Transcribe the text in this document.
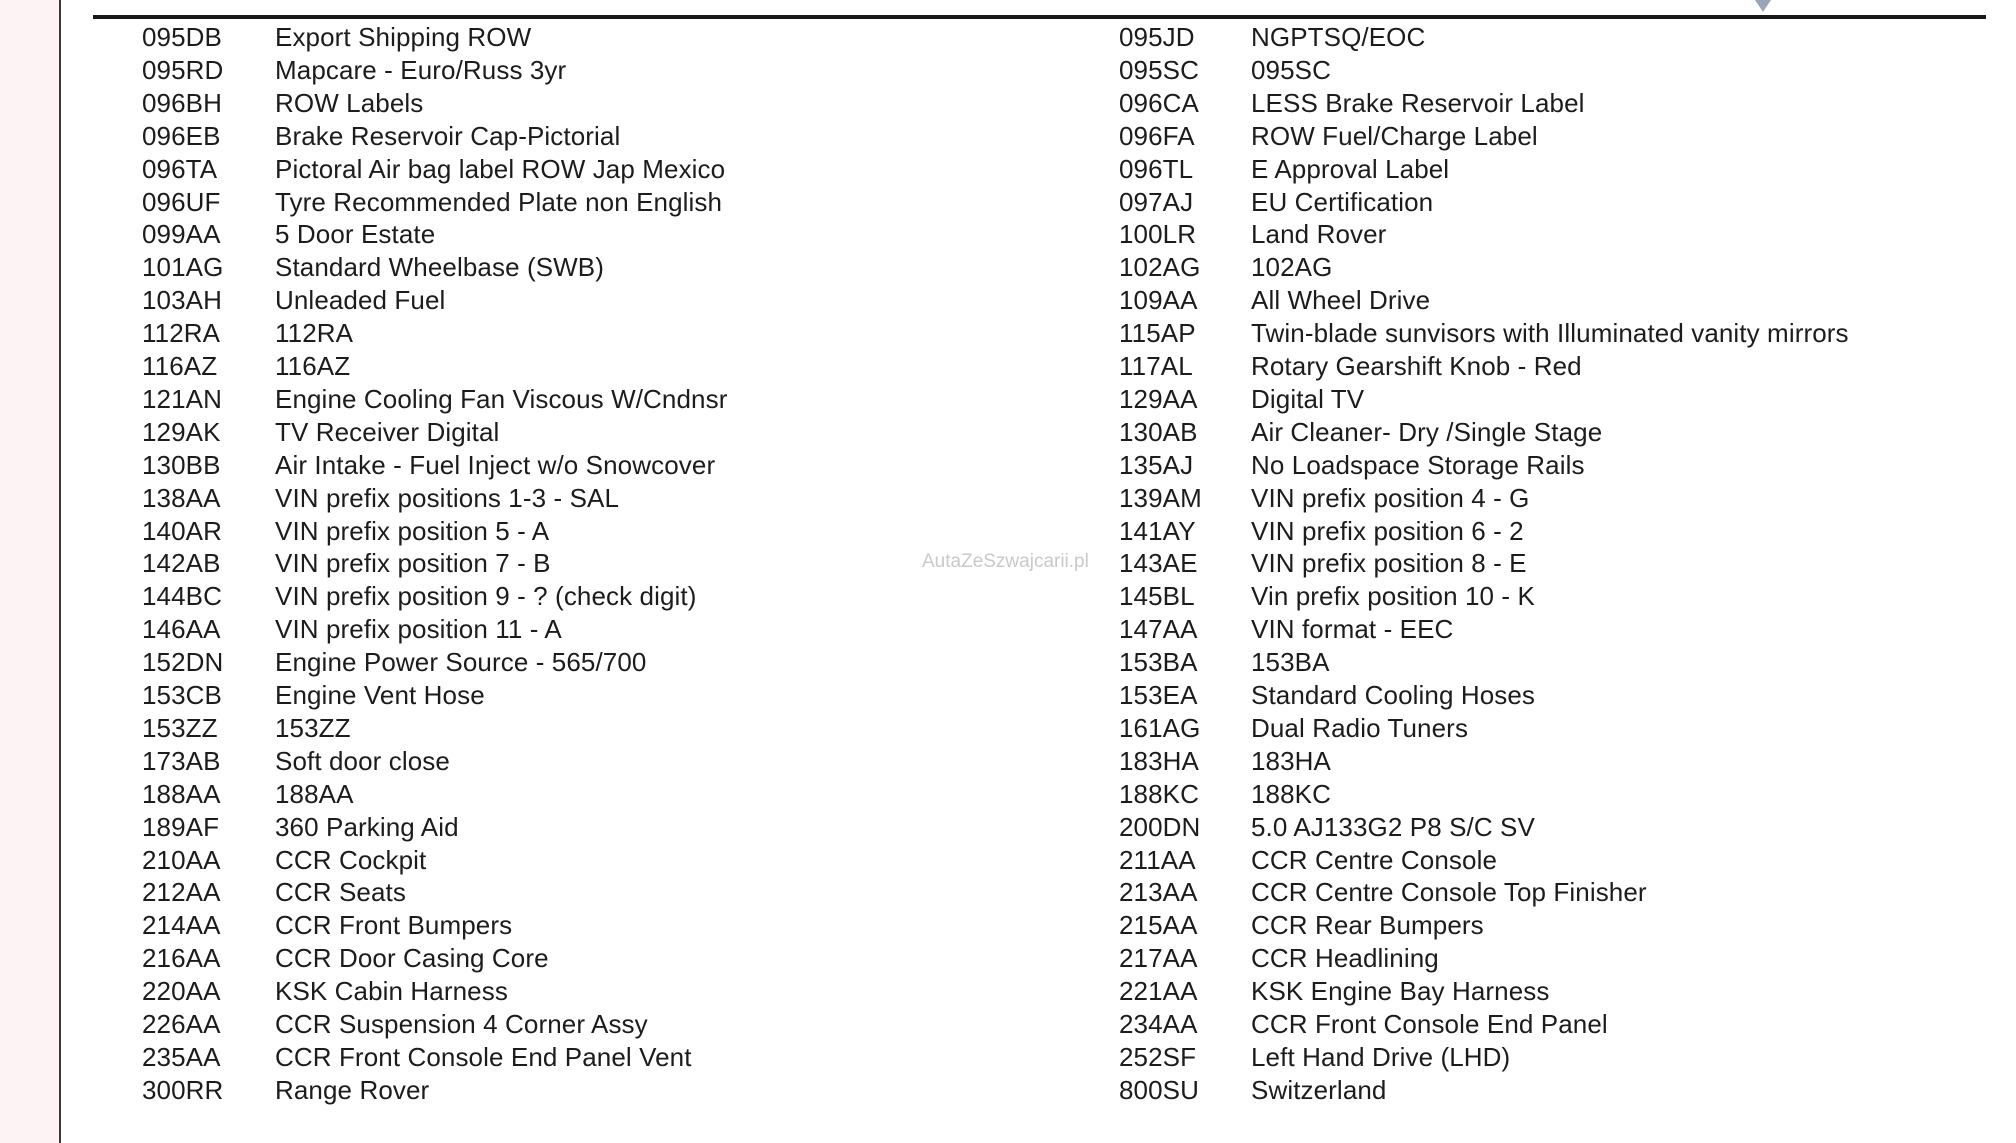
095DB Export Shipping ROW
095RD Mapcare - Euro/Russ 3yr
096BH ROW Labels
096EB Brake Reservoir Cap-Pictorial
096TA Pictoral Air bag label ROW Jap Mexico
096UF Tyre Recommended Plate non English
099AA 5 Door Estate
101AG Standard Wheelbase (SWB)
103AH Unleaded Fuel
112RA 112RA
116AZ 116AZ
121AN Engine Cooling Fan Viscous W/Cndnsr
129AK TV Receiver Digital
130BB Air Intake - Fuel Inject w/o Snowcover
138AA VIN prefix positions 1-3 - SAL
140AR VIN prefix position 5 - A
142AB VIN prefix position 7 - B
144BC VIN prefix position 9 - ? (check digit)
146AA VIN prefix position 11 - A
152DN Engine Power Source - 565/700
153CB Engine Vent Hose
153ZZ 153ZZ
173AB Soft door close
188AA 188AA
189AF 360 Parking Aid
210AA CCR Cockpit
212AA CCR Seats
214AA CCR Front Bumpers
216AA CCR Door Casing Core
220AA KSK Cabin Harness
226AA CCR Suspension 4 Corner Assy
235AA CCR Front Console End Panel Vent
300RR Range Rover
095JD NGPTSQ/EOC
095SC 095SC
096CA LESS Brake Reservoir Label
096FA ROW Fuel/Charge Label
096TL E Approval Label
097AJ EU Certification
100LR Land Rover
102AG 102AG
109AA All Wheel Drive
115AP Twin-blade sunvisors with Illuminated vanity mirrors
117AL Rotary Gearshift Knob - Red
129AA Digital TV
130AB Air Cleaner- Dry /Single Stage
135AJ No Loadspace Storage Rails
139AM VIN prefix position 4 - G
141AY VIN prefix position 6 - 2
143AE VIN prefix position 8 - E
145BL Vin prefix position 10 - K
147AA VIN format - EEC
153BA 153BA
153EA Standard Cooling Hoses
161AG Dual Radio Tuners
183HA 183HA
188KC 188KC
200DN 5.0 AJ133G2 P8 S/C SV
211AA CCR Centre Console
213AA CCR Centre Console Top Finisher
215AA CCR Rear Bumpers
217AA CCR Headlining
221AA KSK Engine Bay Harness
234AA CCR Front Console End Panel
252SF Left Hand Drive (LHD)
800SU Switzerland
AutaZeSzwajcarii.pl
